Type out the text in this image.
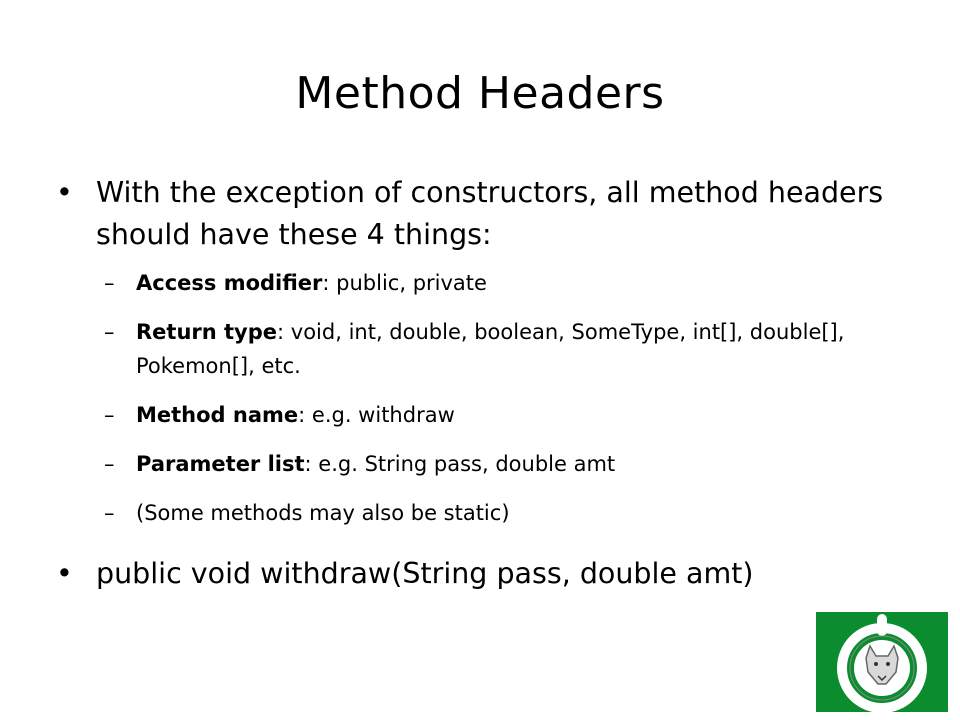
Method Headers
• With the exception of constructors, all method headers should have these 4 things:
– Access modifier: public, private
– Return type: void, int, double, boolean, SomeType, int[], double[], Pokemon[], etc.
– Method name: e.g. withdraw
– Parameter list: e.g. String pass, double amt
– (Some methods may also be static)
• public void withdraw(String pass, double amt)
